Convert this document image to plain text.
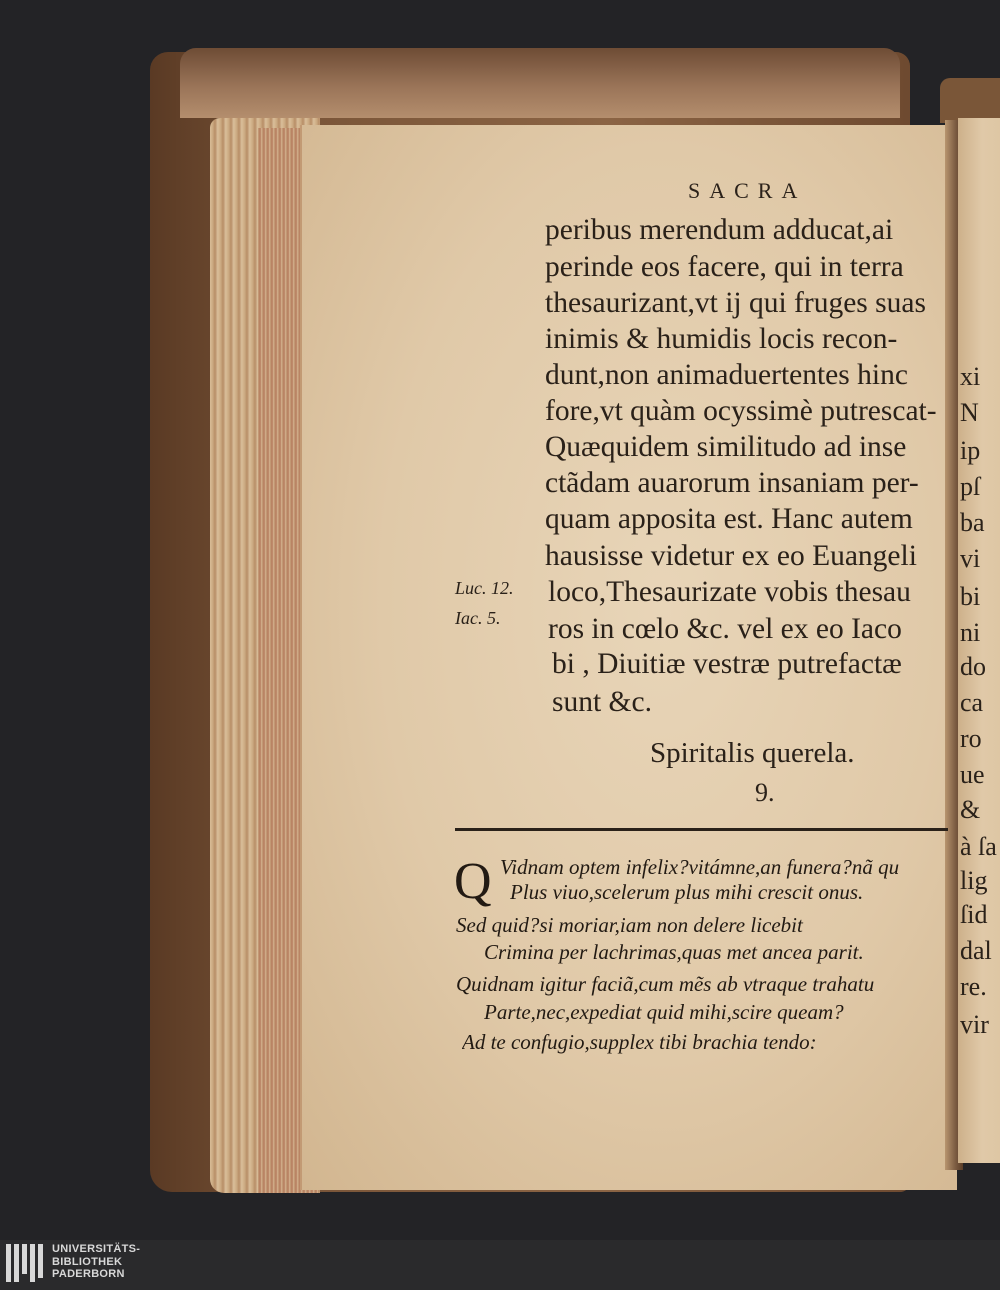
SACRA
peribus merendum adducat,ai
perinde eos facere, qui in terra
thesaurizant,vt ij qui fruges suas
inimis & humidis locis recon-
dunt,non animaduertentes hinc
fore,vt quàm ocyssimè putrescat-
Quæquidem similitudo ad inse
ctãdam auarorum insaniam per-
quam apposita est. Hanc autem
hausisse videtur ex eo Euangeli
loco,Thesaurizate vobis thesau
ros in cœlo &c. vel ex eo Iaco
bi , Diuitiæ vestræ putrefactæ
sunt &c.
Luc. 12.
Iac. 5.
Spiritalis querela.
9.
Q Vidnam optem infelix?vitámne,an funera?nã qu
Plus viuo,scelerum plus mihi crescit onus.
Sed quid?si moriar,iam non delere licebit
Crimina per lachrimas,quas met ancea parit.
Quidnam igitur faciã,cum mẽs ab vtraque trahatu
Parte,nec,expediat quid mihi,scire queam?
Ad te confugio,supplex tibi brachia tendo:
xi
N
ip
pſ
ba
vi
bi
ni
do
ca
ro
ue
&
à ſa
lig
ſid
dal
re.
vir
UNIVERSITÄTS-
BIBLIOTHEK
PADERBORN
